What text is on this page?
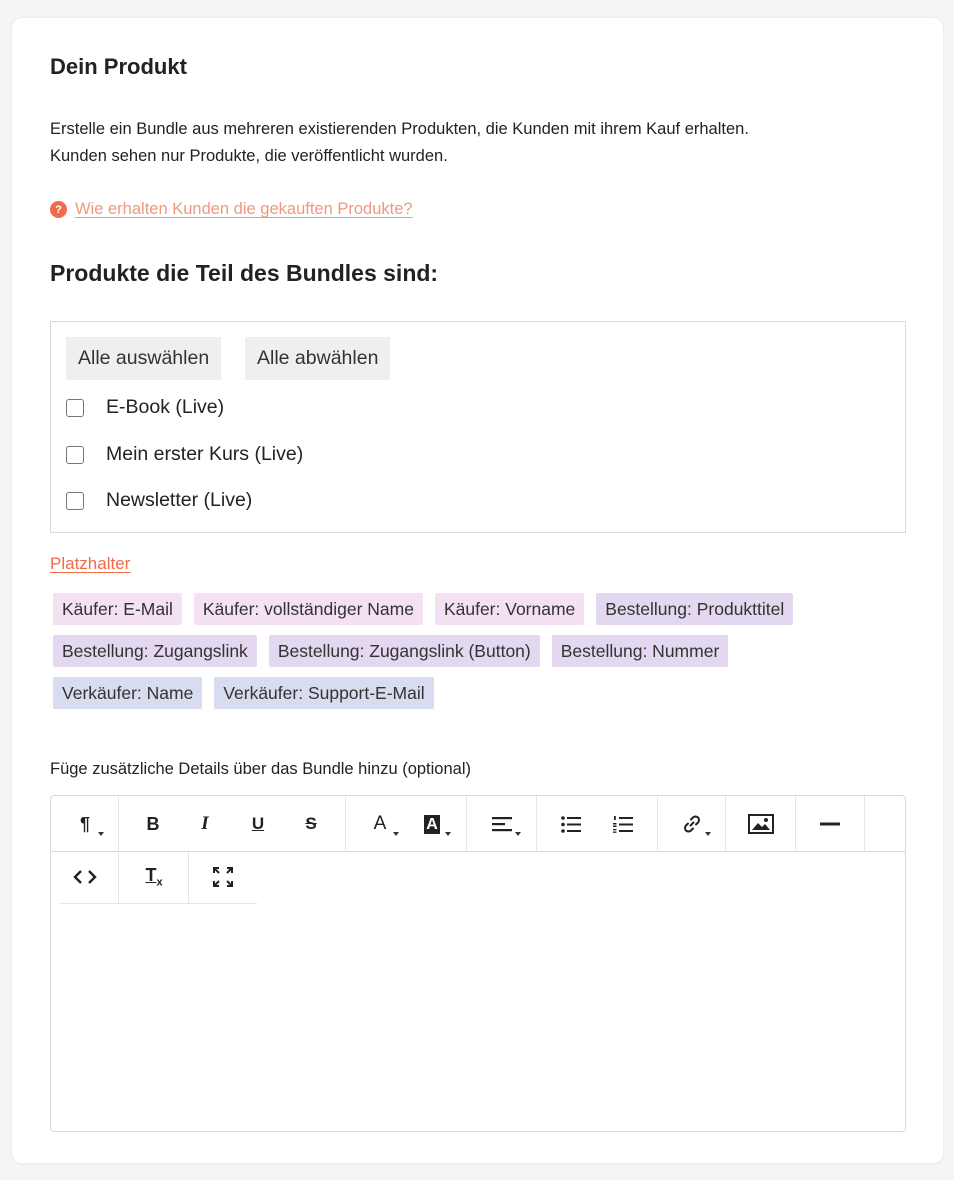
Dein Produkt
Erstelle ein Bundle aus mehreren existierenden Produkten, die Kunden mit ihrem Kauf erhalten.
Kunden sehen nur Produkte, die veröffentlicht wurden.
? Wie erhalten Kunden die gekauften Produkte?
Produkte die Teil des Bundles sind:
Alle auswählen	Alle abwählen
E-Book (Live)
Mein erster Kurs (Live)
Newsletter (Live)
Platzhalter
Käufer: E-Mail	Käufer: vollständiger Name	Käufer: Vorname	Bestellung: Produkttitel
Bestellung: Zugangslink	Bestellung: Zugangslink (Button)	Bestellung: Nummer
Verkäufer: Name	Verkäufer: Support-E-Mail
Füge zusätzliche Details über das Bundle hinzu (optional)
¶	B I	U S	A A
$T_x$
